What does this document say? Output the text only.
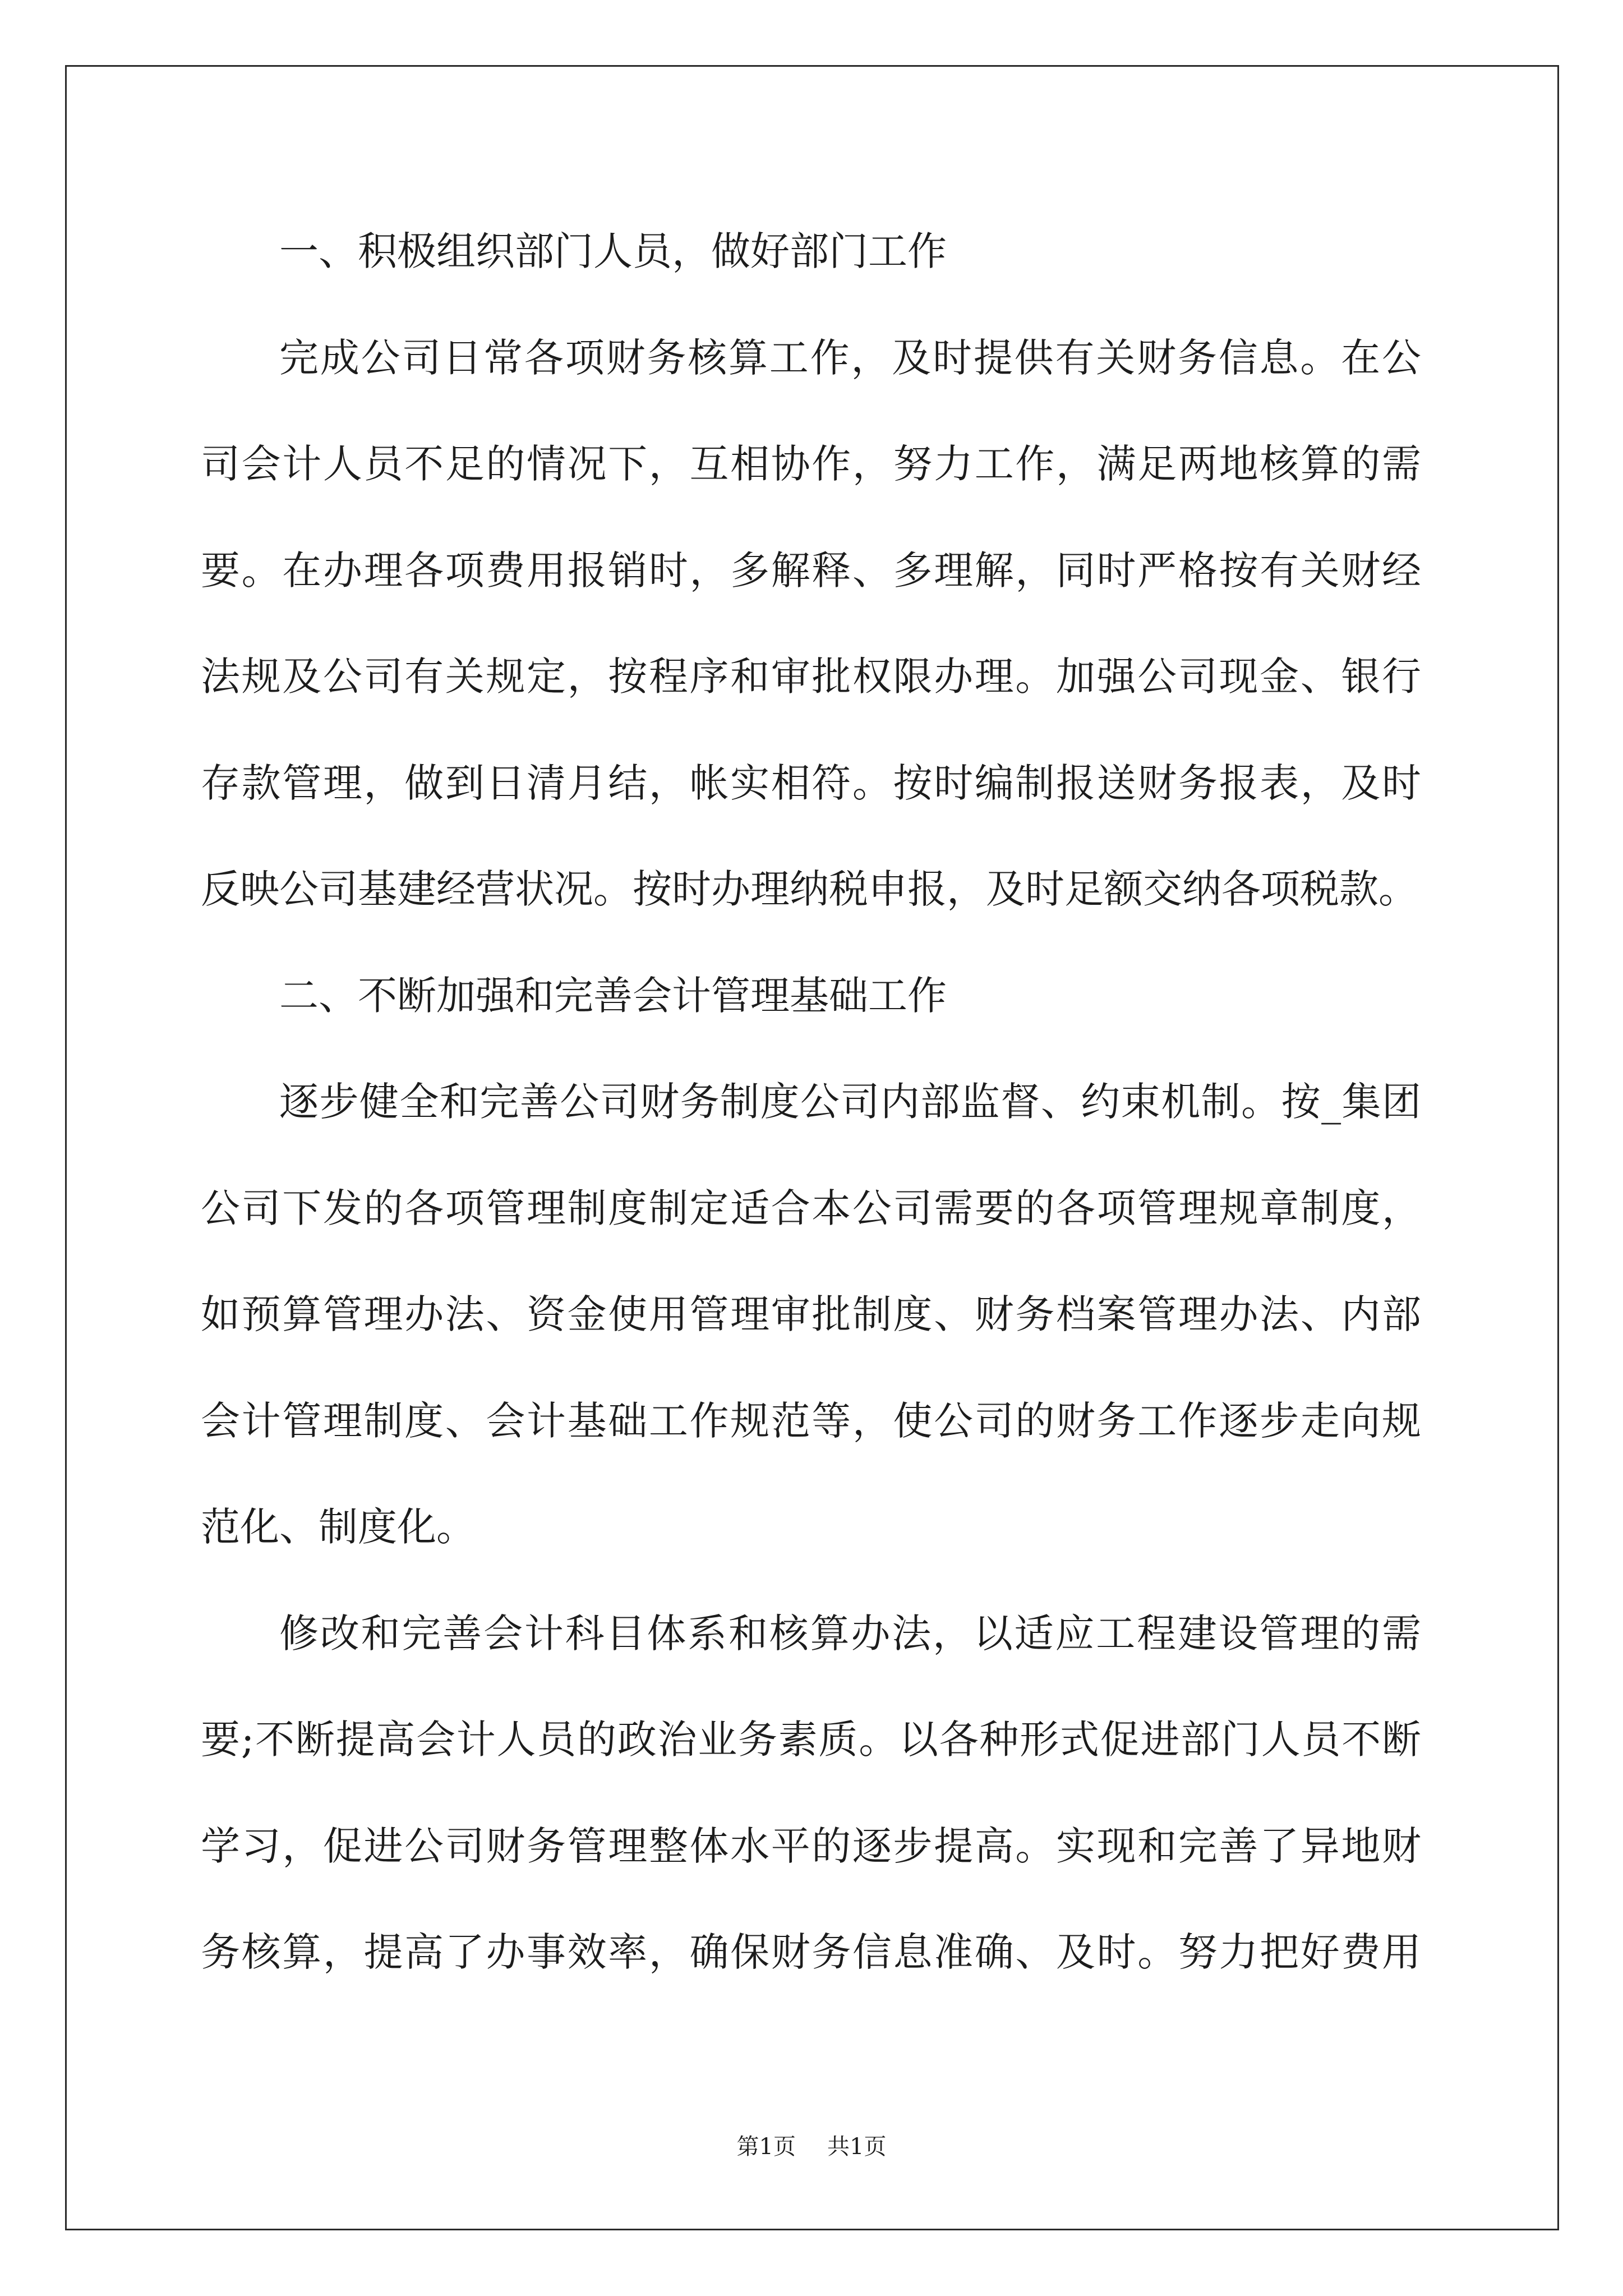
一、积极组织部门人员，做好部门工作
完成公司日常各项财务核算工作，及时提供有关财务信息。在公
司会计人员不足的情况下，互相协作，努力工作，满足两地核算的需
要。在办理各项费用报销时，多解释、多理解，同时严格按有关财经
法规及公司有关规定，按程序和审批权限办理。加强公司现金、银行
存款管理，做到日清月结，帐实相符。按时编制报送财务报表，及时
反映公司基建经营状况。按时办理纳税申报，及时足额交纳各项税款。
二、不断加强和完善会计管理基础工作
逐步健全和完善公司财务制度公司内部监督、约束机制。按_集团
公司下发的各项管理制度制定适合本公司需要的各项管理规章制度，
如预算管理办法、资金使用管理审批制度、财务档案管理办法、内部
会计管理制度、会计基础工作规范等，使公司的财务工作逐步走向规
范化、制度化。
修改和完善会计科目体系和核算办法，以适应工程建设管理的需
要;不断提高会计人员的政治业务素质。以各种形式促进部门人员不断
学习，促进公司财务管理整体水平的逐步提高。实现和完善了异地财
务核算，提高了办事效率，确保财务信息准确、及时。努力把好费用
第1页 共1页
